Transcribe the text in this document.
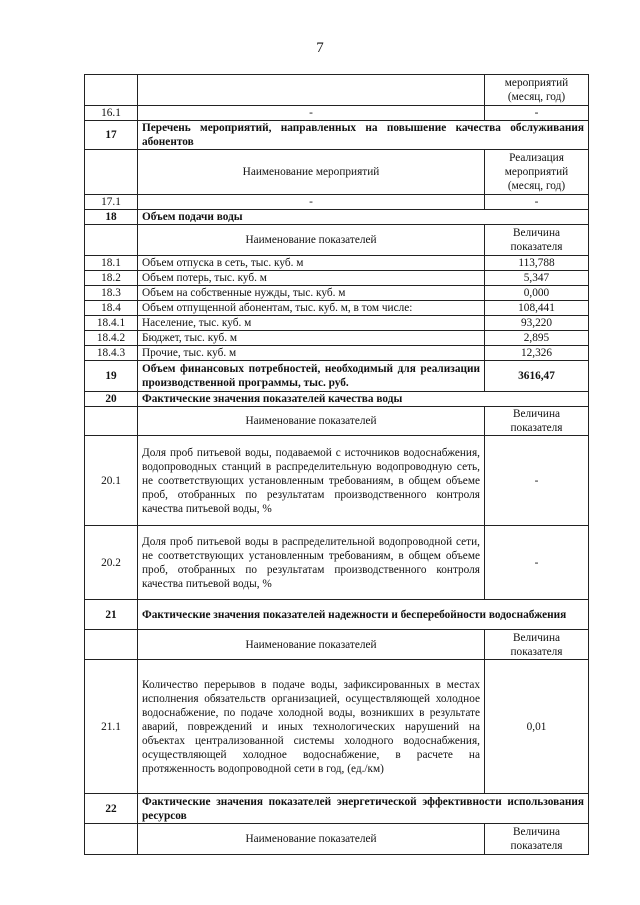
7
		мероприятий (месяц, год)
16.1	-	-
17	Перечень мероприятий, направленных на повышение качества обслуживания абонентов	
	Наименование мероприятий	Реализация мероприятий (месяц, год)
17.1	-	-
18	Объем подачи воды	
	Наименование показателей	Величина показателя
18.1	Объем отпуска в сеть, тыс. куб. м	113,788
18.2	Объем потерь, тыс. куб. м	5,347
18.3	Объем на собственные нужды, тыс. куб. м	0,000
18.4	Объем отпущенной абонентам, тыс. куб. м, в том числе:	108,441
18.4.1	Население, тыс. куб. м	93,220
18.4.2	Бюджет, тыс. куб. м	2,895
18.4.3	Прочие, тыс. куб. м	12,326
19	Объем финансовых потребностей, необходимый для реализации производственной программы, тыс. руб.	3616,47
20	Фактические значения показателей качества воды	
	Наименование показателей	Величина показателя
20.1	Доля проб питьевой воды, подаваемой с источников водоснабжения, водопроводных станций в распределительную водопроводную сеть, не соответствующих установленным требованиям, в общем объеме проб, отобранных по результатам производственного контроля качества питьевой воды, %	-
20.2	Доля проб питьевой воды в распределительной водопроводной сети, не соответствующих установленным требованиям, в общем объеме проб, отобранных по результатам производственного контроля качества питьевой воды, %	-
21	Фактические значения показателей надежности и бесперебойности водоснабжения	
	Наименование показателей	Величина показателя
21.1	Количество перерывов в подаче воды, зафиксированных в местах исполнения обязательств организацией, осуществляющей холодное водоснабжение, по подаче холодной воды, возникших в результате аварий, повреждений и иных технологических нарушений на объектах централизованной системы холодного водоснабжения, осуществляющей холодное водоснабжение, в расчете на протяженность водопроводной сети в год, (ед./км)	0,01
22	Фактические значения показателей энергетической эффективности использования ресурсов	
	Наименование показателей	Величина показателя
